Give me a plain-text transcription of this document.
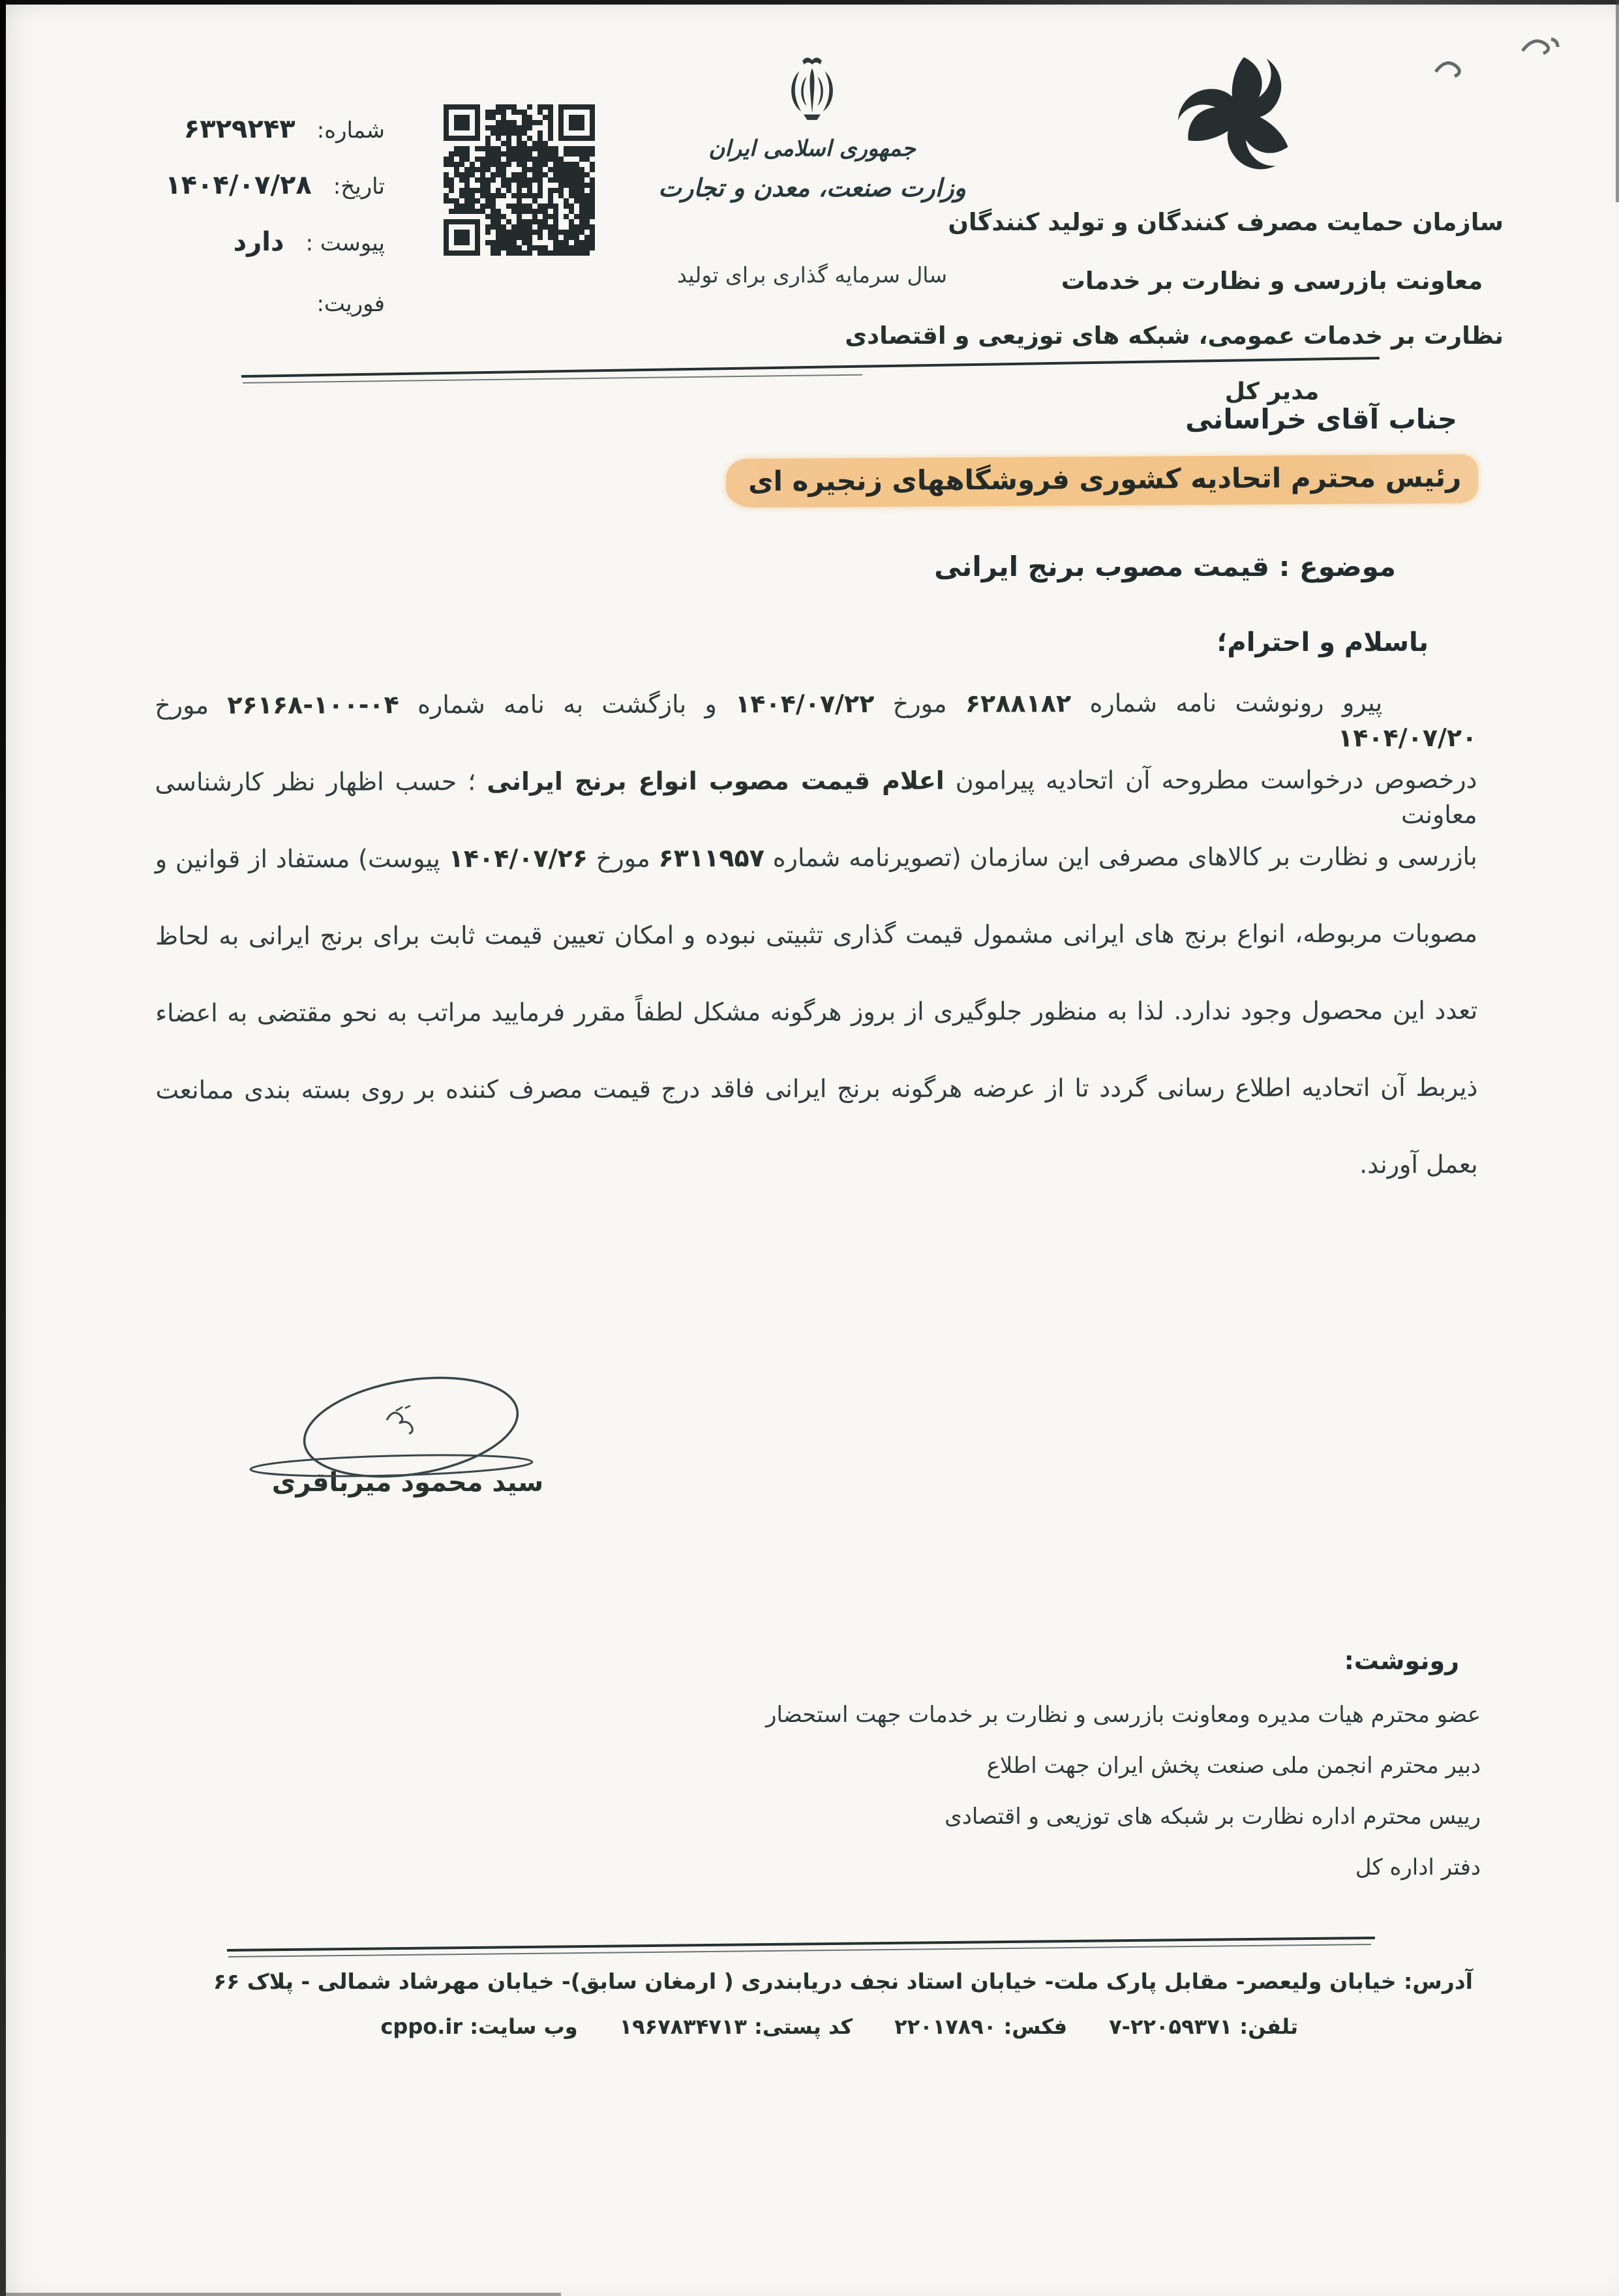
شماره: ۶۳۲۹۲۴۳
تاریخ: ۱۴۰۴/۰۷/۲۸
پیوست : دارد
فوریت:
جمهوری اسلامی ایران
وزارت صنعت، معدن و تجارت
سال سرمایه گذاری برای تولید
سازمان حمایت مصرف کنندگان و تولید کنندگان
معاونت بازرسی و نظارت بر خدمات
نظارت بر خدمات عمومی، شبکه های توزیعی و اقتصادی
مدیر کل
جناب آقای خراسانی
رئیس محترم اتحادیه کشوری فروشگاههای زنجیره ای
موضوع : قیمت مصوب برنج ایرانی
باسلام و احترام؛
پیرو رونوشت نامه شماره ۶۲۸۸۱۸۲ مورخ ۱۴۰۴/۰۷/۲۲ و بازگشت به نامه شماره ۰۴-۱۰۰-۲۶۱۶۸ مورخ ۱۴۰۴/۰۷/۲۰
درخصوص درخواست مطروحه آن اتحادیه پیرامون اعلام قیمت مصوب انواع برنج ایرانی ؛ حسب اظهار نظر کارشناسی معاونت
بازرسی و نظارت بر کالاهای مصرفی این سازمان (تصویرنامه شماره ۶۳۱۱۹۵۷ مورخ ۱۴۰۴/۰۷/۲۶ پیوست) مستفاد از قوانین و
مصوبات مربوطه، انواع برنج های ایرانی مشمول قیمت گذاری تثبیتی نبوده و امکان تعیین قیمت ثابت برای برنج ایرانی به لحاظ
تعدد این محصول وجود ندارد. لذا به منظور جلوگیری از بروز هرگونه مشکل لطفاً مقرر فرمایید مراتب به نحو مقتضی به اعضاء
ذیربط آن اتحادیه اطلاع رسانی گردد تا از عرضه هرگونه برنج ایرانی فاقد درج قیمت مصرف کننده بر روی بسته بندی ممانعت
بعمل آورند.
سید محمود میرباقری
رونوشت:
عضو محترم هیات مدیره ومعاونت بازرسی و نظارت بر خدمات جهت استحضار
دبیر محترم انجمن ملی صنعت پخش ایران جهت اطلاع
رییس محترم اداره نظارت بر شبکه های توزیعی و اقتصادی
دفتر اداره کل
آدرس: خیابان ولیعصر- مقابل پارک ملت- خیابان استاد نجف دریابندری ( ارمغان سابق)- خیابان مهرشاد شمالی - پلاک ۶۶
تلفن: ۲۲۰۵۹۳۷۱-۷
فکس: ۲۲۰۱۷۸۹۰
کد پستی: ۱۹۶۷۸۳۴۷۱۳
وب سایت: cppo.ir
